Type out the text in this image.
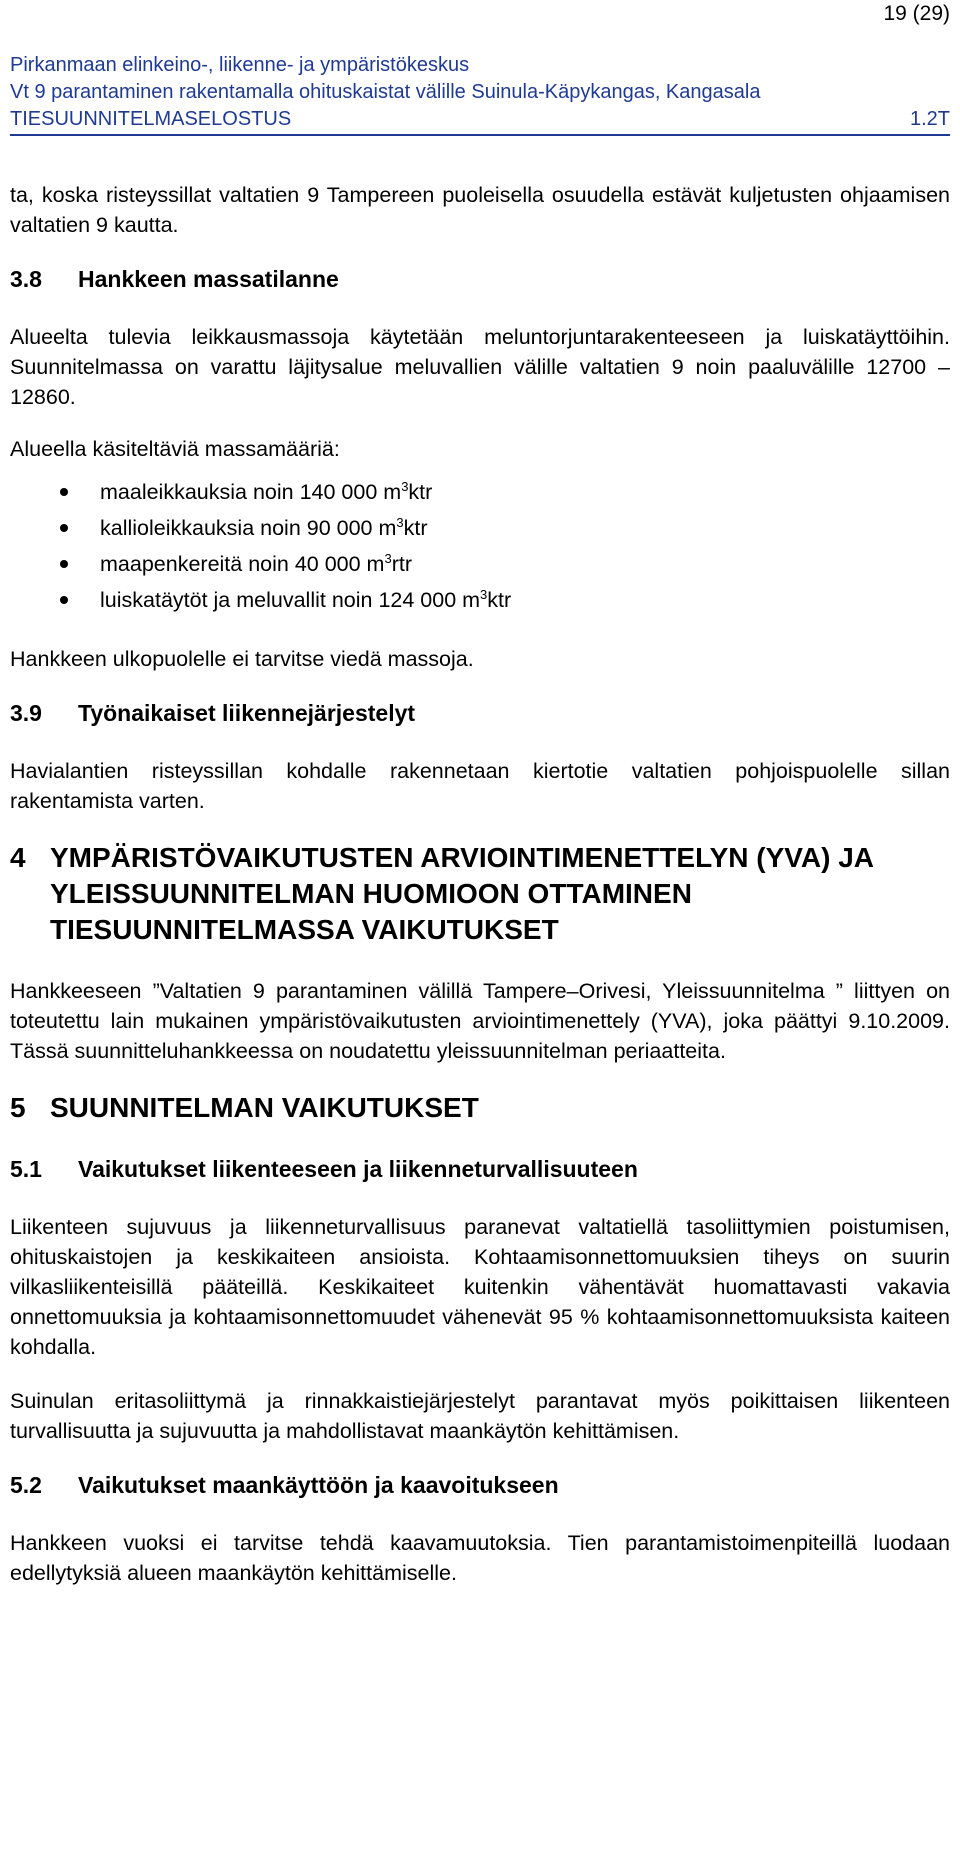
19 (29)
Pirkanmaan elinkeino-, liikenne- ja ympäristökeskus
Vt 9 parantaminen rakentamalla ohituskaistat välille Suinula-Käpykangas, Kangasala
TIESUUNNITELMASELOSTUS	1.2T

ta, koska risteyssillat valtatien 9 Tampereen puoleisella osuudella estävät kuljetusten ohjaamisen valtatien 9 kautta.

3.8 Hankkeen massatilanne

Alueelta tulevia leikkausmassoja käytetään meluntorjuntarakenteeseen ja luiskatäyttöihin. Suunnitelmassa on varattu läjitysalue meluvallien välille valtatien 9 noin paaluvälille 12700 – 12860.

Alueella käsiteltäviä massamääriä:

maaleikkauksia noin 140 000 $m^3ktr$
kallioleikkauksia noin 90 000 $m^3ktr$
maapenkereitä noin 40 000 $m^3rtr$
luiskatäytöt ja meluvallit noin 124 000 $m^3ktr$

Hankkeen ulkopuolelle ei tarvitse viedä massoja.

3.9 Työnaikaiset liikennejärjestelyt

Havialantien risteyssillan kohdalle rakennetaan kiertotie valtatien pohjoispuolelle sillan rakentamista varten.

4 YMPÄRISTÖVAIKUTUSTEN ARVIOINTIMENETTELYN (YVA) JA YLEISSUUNNITELMAN HUOMIOON OTTAMINEN TIESUUNNITELMASSA VAIKUTUKSET

Hankkeeseen ”Valtatien 9 parantaminen välillä Tampere–Orivesi, Yleissuunnitelma ” liittyen on toteutettu lain mukainen ympäristövaikutusten arviointimenettely (YVA), joka päättyi 9.10.2009. Tässä suunnitteluhankkeessa on noudatettu yleissuunnitelman periaatteita.

5 SUUNNITELMAN VAIKUTUKSET
5.1 Vaikutukset liikenteeseen ja liikenneturvallisuuteen

Liikenteen sujuvuus ja liikenneturvallisuus paranevat valtatiellä tasoliittymien poistumisen, ohituskaistojen ja keskikaiteen ansioista. Kohtaamisonnettomuuksien tiheys on suurin vilkasliikenteisillä pääteillä. Keskikaiteet kuitenkin vähentävät huomattavasti vakavia onnettomuuksia ja kohtaamisonnettomuudet vähenevät 95 % kohtaamisonnettomuuksista kaiteen kohdalla.

Suinulan eritasoliittymä ja rinnakkaistiejärjestelyt parantavat myös poikittaisen liikenteen turvallisuutta ja sujuvuutta ja mahdollistavat maankäytön kehittämisen.

5.2 Vaikutukset maankäyttöön ja kaavoitukseen

Hankkeen vuoksi ei tarvitse tehdä kaavamuutoksia. Tien parantamistoimenpiteillä luodaan edellytyksiä alueen maankäytön kehittämiselle.
